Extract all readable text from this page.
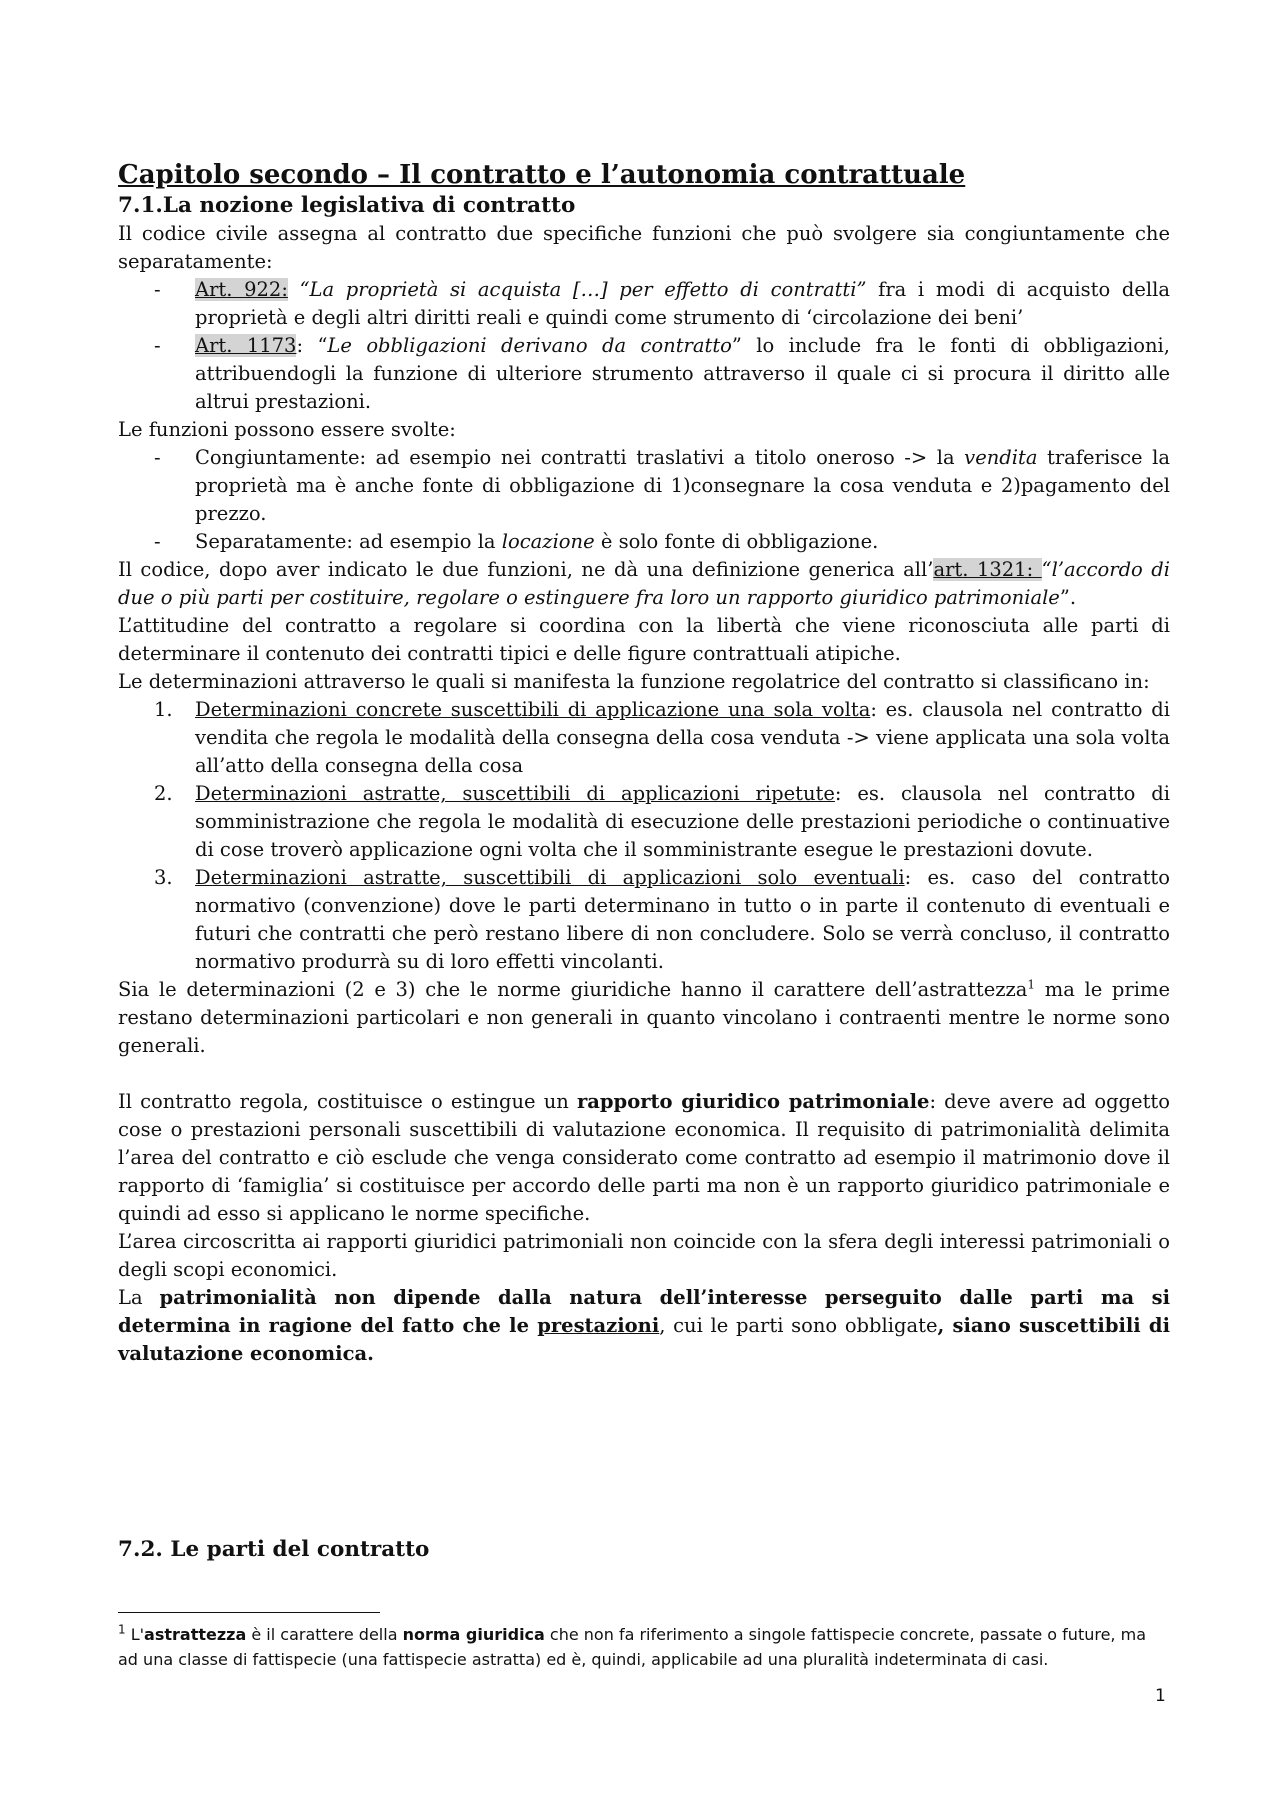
Capitolo secondo – Il contratto e l’autonomia contrattuale
7.1.La nozione legislativa di contratto

Il codice civile assegna al contratto due specifiche funzioni che può svolgere sia congiuntamente che separatamente:

- Art. 922: “La proprietà si acquista […] per effetto di contratti” fra i modi di acquisto della proprietà e degli altri diritti reali e quindi come strumento di ‘circolazione dei beni’
- Art. 1173: “Le obbligazioni derivano da contratto” lo include fra le fonti di obbligazioni, attribuendogli la funzione di ulteriore strumento attraverso il quale ci si procura il diritto alle altrui prestazioni.

Le funzioni possono essere svolte:

- Congiuntamente: ad esempio nei contratti traslativi a titolo oneroso -> la vendita traferisce la proprietà ma è anche fonte di obbligazione di 1)consegnare la cosa venduta e 2)pagamento del prezzo.
- Separatamente: ad esempio la locazione è solo fonte di obbligazione.

Il codice, dopo aver indicato le due funzioni, ne dà una definizione generica all’art. 1321: “l’accordo di due o più parti per costituire, regolare o estinguere fra loro un rapporto giuridico patrimoniale”.

L’attitudine del contratto a regolare si coordina con la libertà che viene riconosciuta alle parti di determinare il contenuto dei contratti tipici e delle figure contrattuali atipiche.

Le determinazioni attraverso le quali si manifesta la funzione regolatrice del contratto si classificano in:

1. Determinazioni concrete suscettibili di applicazione una sola volta: es. clausola nel contratto di vendita che regola le modalità della consegna della cosa venduta -> viene applicata una sola volta all’atto della consegna della cosa
2. Determinazioni astratte, suscettibili di applicazioni ripetute: es. clausola nel contratto di somministrazione che regola le modalità di esecuzione delle prestazioni periodiche o continuative di cose troverò applicazione ogni volta che il somministrante esegue le prestazioni dovute.
3. Determinazioni astratte, suscettibili di applicazioni solo eventuali: es. caso del contratto normativo (convenzione) dove le parti determinano in tutto o in parte il contenuto di eventuali e futuri che contratti che però restano libere di non concludere. Solo se verrà concluso, il contratto normativo produrrà su di loro effetti vincolanti.

Sia le determinazioni (2 e 3) che le norme giuridiche hanno il carattere dell’astrattezza$^1$ ma le prime restano determinazioni particolari e non generali in quanto vincolano i contraenti mentre le norme sono generali.

Il contratto regola, costituisce o estingue un rapporto giuridico patrimoniale: deve avere ad oggetto cose o prestazioni personali suscettibili di valutazione economica. Il requisito di patrimonialità delimita l’area del contratto e ciò esclude che venga considerato come contratto ad esempio il matrimonio dove il rapporto di ‘famiglia’ si costituisce per accordo delle parti ma non è un rapporto giuridico patrimoniale e quindi ad esso si applicano le norme specifiche.

L’area circoscritta ai rapporti giuridici patrimoniali non coincide con la sfera degli interessi patrimoniali o degli scopi economici.

La patrimonialità non dipende dalla natura dell’interesse perseguito dalle parti ma si determina in ragione del fatto che le prestazioni, cui le parti sono obbligate, siano suscettibili di valutazione economica.

7.2. Le parti del contratto
$^1$ L'astrattezza è il carattere della norma giuridica che non fa riferimento a singole fattispecie concrete, passate o future, ma ad una classe di fattispecie (una fattispecie astratta) ed è, quindi, applicabile ad una pluralità indeterminata di casi.
1
